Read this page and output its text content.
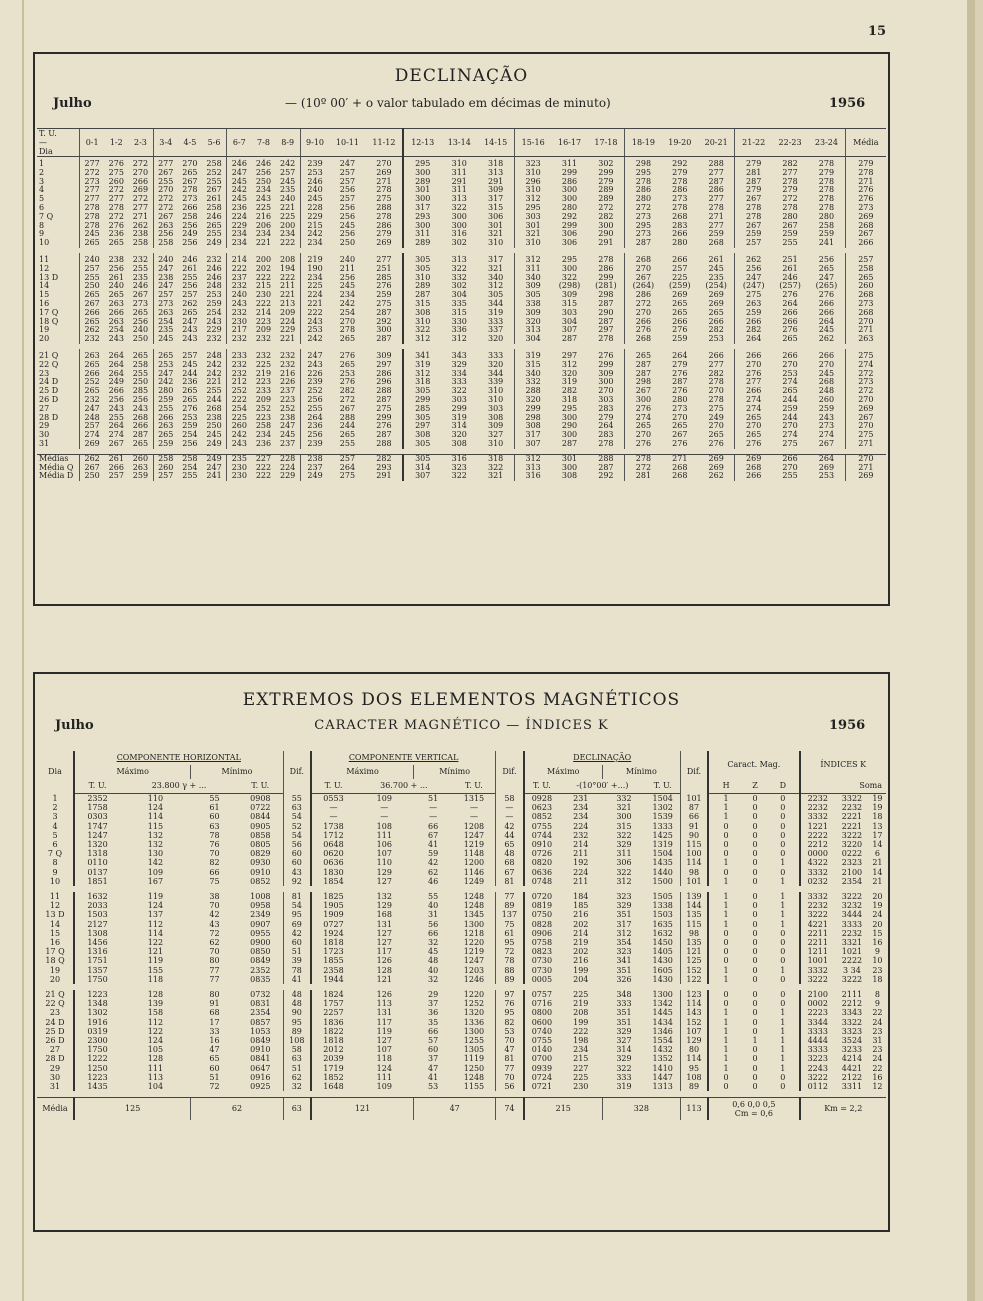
15
DECLINAÇÃO
Julho	— (10º 00′ + o valor tabulado em décimas de minuto)	1956
T. U.
—
Dia	0-1	1-2	2-3	3-4	4-5	5-6	6-7	7-8	8-9	9-10	10-11	11-12	12-13	13-14	14-15	15-16	16-17	17-18	18-19	19-20	20-21	21-22	22-23	23-24	Média
1	277	276	272	277	270	258	246	246	242	239	247	270	295	310	318	323	311	302	298	292	288	279	282	278	279
2	272	275	270	267	265	252	247	256	257	253	257	269	300	311	313	310	299	299	295	279	277	281	277	279	278
3	273	260	266	255	267	255	245	250	245	246	257	271	289	291	291	296	286	279	278	278	287	287	278	278	271
4	277	272	269	270	278	267	242	234	235	240	256	278	301	311	309	310	300	289	286	286	286	279	279	278	276
5	277	277	272	272	273	261	245	243	240	245	257	275	300	313	317	312	300	289	280	273	277	267	272	278	276
6	278	278	277	272	266	258	236	225	221	228	256	288	317	322	315	295	280	272	272	278	278	278	278	278	273
7 Q	278	272	271	267	258	246	224	216	225	229	256	278	293	300	306	303	292	282	273	268	271	278	280	280	269
8	278	276	262	263	256	265	229	206	200	215	245	286	300	300	301	301	299	300	295	283	277	267	267	258	268
9	245	236	238	256	249	255	234	234	234	242	256	279	311	316	321	321	306	290	273	266	259	259	259	259	267
10	265	265	258	258	256	249	234	221	222	234	250	269	289	302	310	310	306	291	287	280	268	257	255	241	266

11	240	238	232	240	246	232	214	200	208	219	240	277	305	313	317	312	295	278	268	266	261	262	251	256	257
12	257	256	255	247	261	246	222	202	194	190	211	251	305	322	321	311	300	286	270	257	245	256	261	265	258
13 D	255	261	235	238	255	246	237	222	222	234	256	285	310	332	340	340	322	299	267	225	235	247	246	247	265
14	250	240	246	247	256	248	232	215	211	225	245	276	289	302	312	309	(298)	(281)	(264)	(259)	(254)	(247)	(257)	(265)	260
15	265	265	267	257	257	253	240	230	221	224	234	259	287	304	305	305	309	298	286	269	269	275	276	276	268
16	267	263	273	273	262	259	243	222	213	221	242	275	315	335	344	338	315	287	272	265	269	263	264	266	273
17 Q	266	266	265	263	265	254	232	214	209	222	254	287	308	315	319	309	303	290	270	265	265	259	266	266	268
18 Q	265	263	256	254	247	243	230	223	224	243	270	292	310	330	333	320	304	287	266	266	266	266	266	264	270
19	262	254	240	235	243	229	217	209	229	253	278	300	322	336	337	313	307	297	276	276	282	282	276	245	271
20	232	243	250	245	243	232	232	232	221	242	265	287	312	312	320	304	287	278	268	259	253	264	265	262	263

21 Q	263	264	265	265	257	248	233	232	232	247	276	309	341	343	333	319	297	276	265	264	266	266	266	266	275
22 Q	265	264	258	253	245	242	232	225	232	243	265	297	319	329	320	315	312	299	287	279	277	270	270	270	274
23	266	264	255	247	244	242	232	219	216	226	253	286	312	334	344	340	320	309	287	276	282	276	253	245	272
24 D	252	249	250	242	236	221	212	223	226	239	276	296	318	333	339	332	319	300	298	287	278	277	274	268	273
25 D	265	266	285	280	265	255	252	233	237	252	282	288	305	322	310	288	282	270	267	276	270	266	265	248	272
26 D	232	256	256	259	265	244	222	209	223	256	272	287	299	303	310	320	318	303	300	280	278	274	244	260	270
27	247	243	243	255	276	268	254	252	252	255	267	275	285	299	303	299	295	283	276	273	275	274	259	259	269
28 D	248	255	268	266	253	238	225	223	238	264	288	299	305	319	308	298	300	279	274	270	249	265	244	243	267
29	257	264	266	263	259	250	260	258	247	236	244	276	297	314	309	308	290	264	265	265	270	270	270	273	270
30	274	274	287	265	254	245	242	234	245	256	265	287	308	320	327	317	300	283	270	267	265	265	274	274	275
31	269	267	265	259	256	249	243	236	237	239	255	288	305	308	310	307	287	278	276	276	276	276	275	267	271

Médias	262	261	260	258	258	249	235	227	228	238	257	282	305	316	318	312	301	288	278	271	269	269	266	264	270
Média Q	267	266	263	260	254	247	230	222	224	237	264	293	314	323	322	313	300	287	272	268	269	268	270	269	271
Média D	250	257	259	257	255	241	230	222	229	249	275	291	307	322	321	316	308	292	281	268	262	266	255	253	269
EXTREMOS DOS ELEMENTOS MAGNÉTICOS
Julho	CARACTER MAGNÉTICO — ÍNDICES K	1956
Dia	COMPONENTE HORIZONTAL				Dif.	COMPONENTE VERTICAL				Dif.	DECLINAÇÃO				Dif.	Caract. Mag.			ÍNDICES K		
	Máximo		Mínimo			Máximo		Mínimo			Máximo		Mínimo								
	T. U.	23.800 γ + ...		T. U.		T. U.	36.700 + ...		T. U.		T. U.	-(10°00′ +...)		T. U.		H	Z	D	Soma		
1	2352	110	55	0908	55	0553	109	51	1315	58	0928	231	332	1504	101	1	0	0	2232	3322	19
2	1758	124	61	0722	63	—	—	—	—	—	0623	234	321	1302	87	1	0	0	2232	2232	19
3	0303	114	60	0844	54	—	—	—	—	—	0852	234	300	1539	66	1	0	0	3332	2221	18
4	1747	115	63	0905	52	1738	108	66	1208	42	0755	224	315	1333	91	0	0	0	1221	2221	13
5	1247	132	78	0858	54	1712	111	67	1247	44	0744	232	322	1425	90	0	0	0	2222	3222	17
6	1320	132	76	0805	56	0648	106	41	1219	65	0910	214	329	1319	115	0	0	0	2212	3220	14
7 Q	1318	130	70	0829	60	0620	107	59	1148	48	0726	211	311	1504	100	0	0	0	0000	0222	6
8	0110	142	82	0930	60	0636	110	42	1200	68	0820	192	306	1435	114	1	0	1	4322	2323	21
9	0137	109	66	0910	43	1830	129	62	1146	67	0636	224	322	1440	98	0	0	0	3332	2100	14
10	1851	167	75	0852	92	1854	127	46	1249	81	0748	211	312	1500	101	1	0	1	0232	2354	21

11	1632	119	38	1008	81	1825	132	55	1248	77	0720	184	323	1505	139	1	0	1	3332	3222	20
12	2033	124	70	0958	54	1905	129	40	1248	89	0819	185	329	1338	144	1	0	1	2232	3232	19
13 D	1503	137	42	2349	95	1909	168	31	1345	137	0750	216	351	1503	135	1	0	1	3222	3444	24
14	2127	112	43	0907	69	0727	131	56	1300	75	0828	202	317	1635	115	1	0	1	4221	3333	20
15	1308	114	72	0955	42	1924	127	66	1218	61	0906	214	312	1632	98	0	0	0	2211	2232	15
16	1456	122	62	0900	60	1818	127	32	1220	95	0758	219	354	1450	135	0	0	0	2211	3321	16
17 Q	1316	121	70	0850	51	1723	117	45	1219	72	0823	202	323	1405	121	0	0	0	1211	1021	9
18 Q	1751	119	80	0849	39	1855	126	48	1247	78	0730	216	341	1430	125	0	0	0	1001	2222	10
19	1357	155	77	2352	78	2358	128	40	1203	88	0730	199	351	1605	152	1	0	1	3332	3 34	23
20	1750	118	77	0835	41	1944	121	32	1246	89	0005	204	326	1430	122	1	0	0	3222	3222	18

21 Q	1223	128	80	0732	48	1824	126	29	1220	97	0757	225	348	1300	123	0	0	0	2100	2111	8
22 Q	1348	139	91	0831	48	1757	113	37	1252	76	0716	219	333	1342	114	0	0	0	0002	2212	9
23	1302	158	68	2354	90	2257	131	36	1320	95	0800	208	351	1445	143	1	0	1	2223	3343	22
24 D	1916	112	17	0857	95	1836	117	35	1336	82	0600	199	351	1434	152	1	0	1	3344	3322	24
25 D	0319	122	33	1053	89	1822	119	66	1300	53	0740	222	329	1346	107	1	0	1	3333	3323	23
26 D	2300	124	16	0849	108	1818	127	57	1255	70	0755	198	327	1554	129	1	1	1	4444	3524	31
27	1750	105	47	0910	58	2012	107	60	1305	47	0140	234	314	1432	80	1	0	1	3333	3233	23
28 D	1222	128	65	0841	63	2039	118	37	1119	81	0700	215	329	1352	114	1	0	1	3223	4214	24
29	1250	111	60	0647	51	1719	124	47	1250	77	0939	227	322	1410	95	1	0	1	2243	4421	22
30	1223	113	51	0916	62	1852	111	41	1248	70	0724	225	333	1447	108	0	0	0	3222	2122	16
31	1435	104	72	0925	32	1648	109	53	1155	56	0721	230	319	1313	89	0	0	0	0112	3311	12

Média	125		62		63	121		47		74	215		328		113	0,6 0,0 0,5
Cm = 0,6			Km = 2,2		
